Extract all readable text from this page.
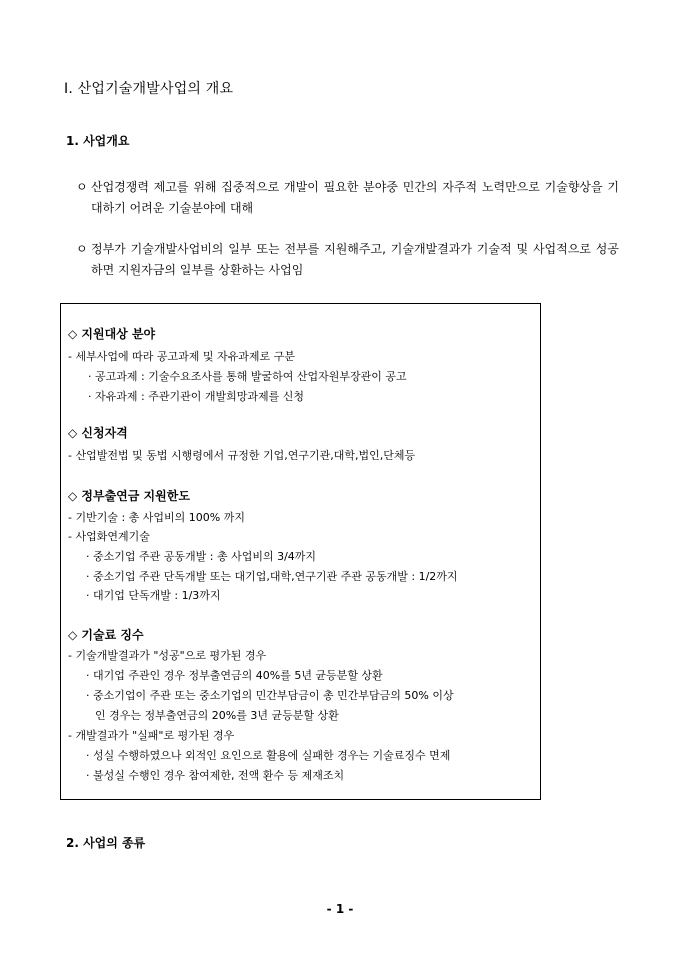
Ⅰ. 산업기술개발사업의 개요
1. 사업개요
ㅇ 산업경쟁력 제고를 위해 집중적으로 개발이 필요한 분야중 민간의 자주적 노력만으로 기술향상을 기대하기 어려운 기술분야에 대해
ㅇ 정부가 기술개발사업비의 일부 또는 전부를 지원해주고, 기술개발결과가 기술적 및 사업적으로 성공하면 지원자금의 일부를 상환하는 사업임
◇ 지원대상 분야
- 세부사업에 따라 공고과제 및 자유과제로 구분
· 공고과제 : 기술수요조사를 통해 발굴하여 산업자원부장관이 공고
· 자유과제 : 주관기관이 개발희망과제를 신청
◇ 신청자격
- 산업발전법 및 동법 시행령에서 규정한 기업,연구기관,대학,법인,단체등
◇ 정부출연금 지원한도
- 기반기술 : 총 사업비의 100% 까지
- 사업화연계기술
· 중소기업 주관 공동개발 : 총 사업비의 3/4까지
· 중소기업 주관 단독개발 또는 대기업,대학,연구기관 주관 공동개발 : 1/2까지
· 대기업 단독개발 : 1/3까지
◇ 기술료 징수
- 기술개발결과가 "성공"으로 평가된 경우
· 대기업 주관인 경우 정부출연금의 40%를 5년 균등분할 상환
· 중소기업이 주관 또는 중소기업의 민간부담금이 총 민간부담금의 50% 이상
인 경우는 정부출연금의 20%를 3년 균등분할 상환
- 개발결과가 "실패"로 평가된 경우
· 성실 수행하였으나 외적인 요인으로 활용에 실패한 경우는 기술료징수 면제
· 불성실 수행인 경우 참여제한, 전액 환수 등 제재조치
2. 사업의 종류
- 1 -
